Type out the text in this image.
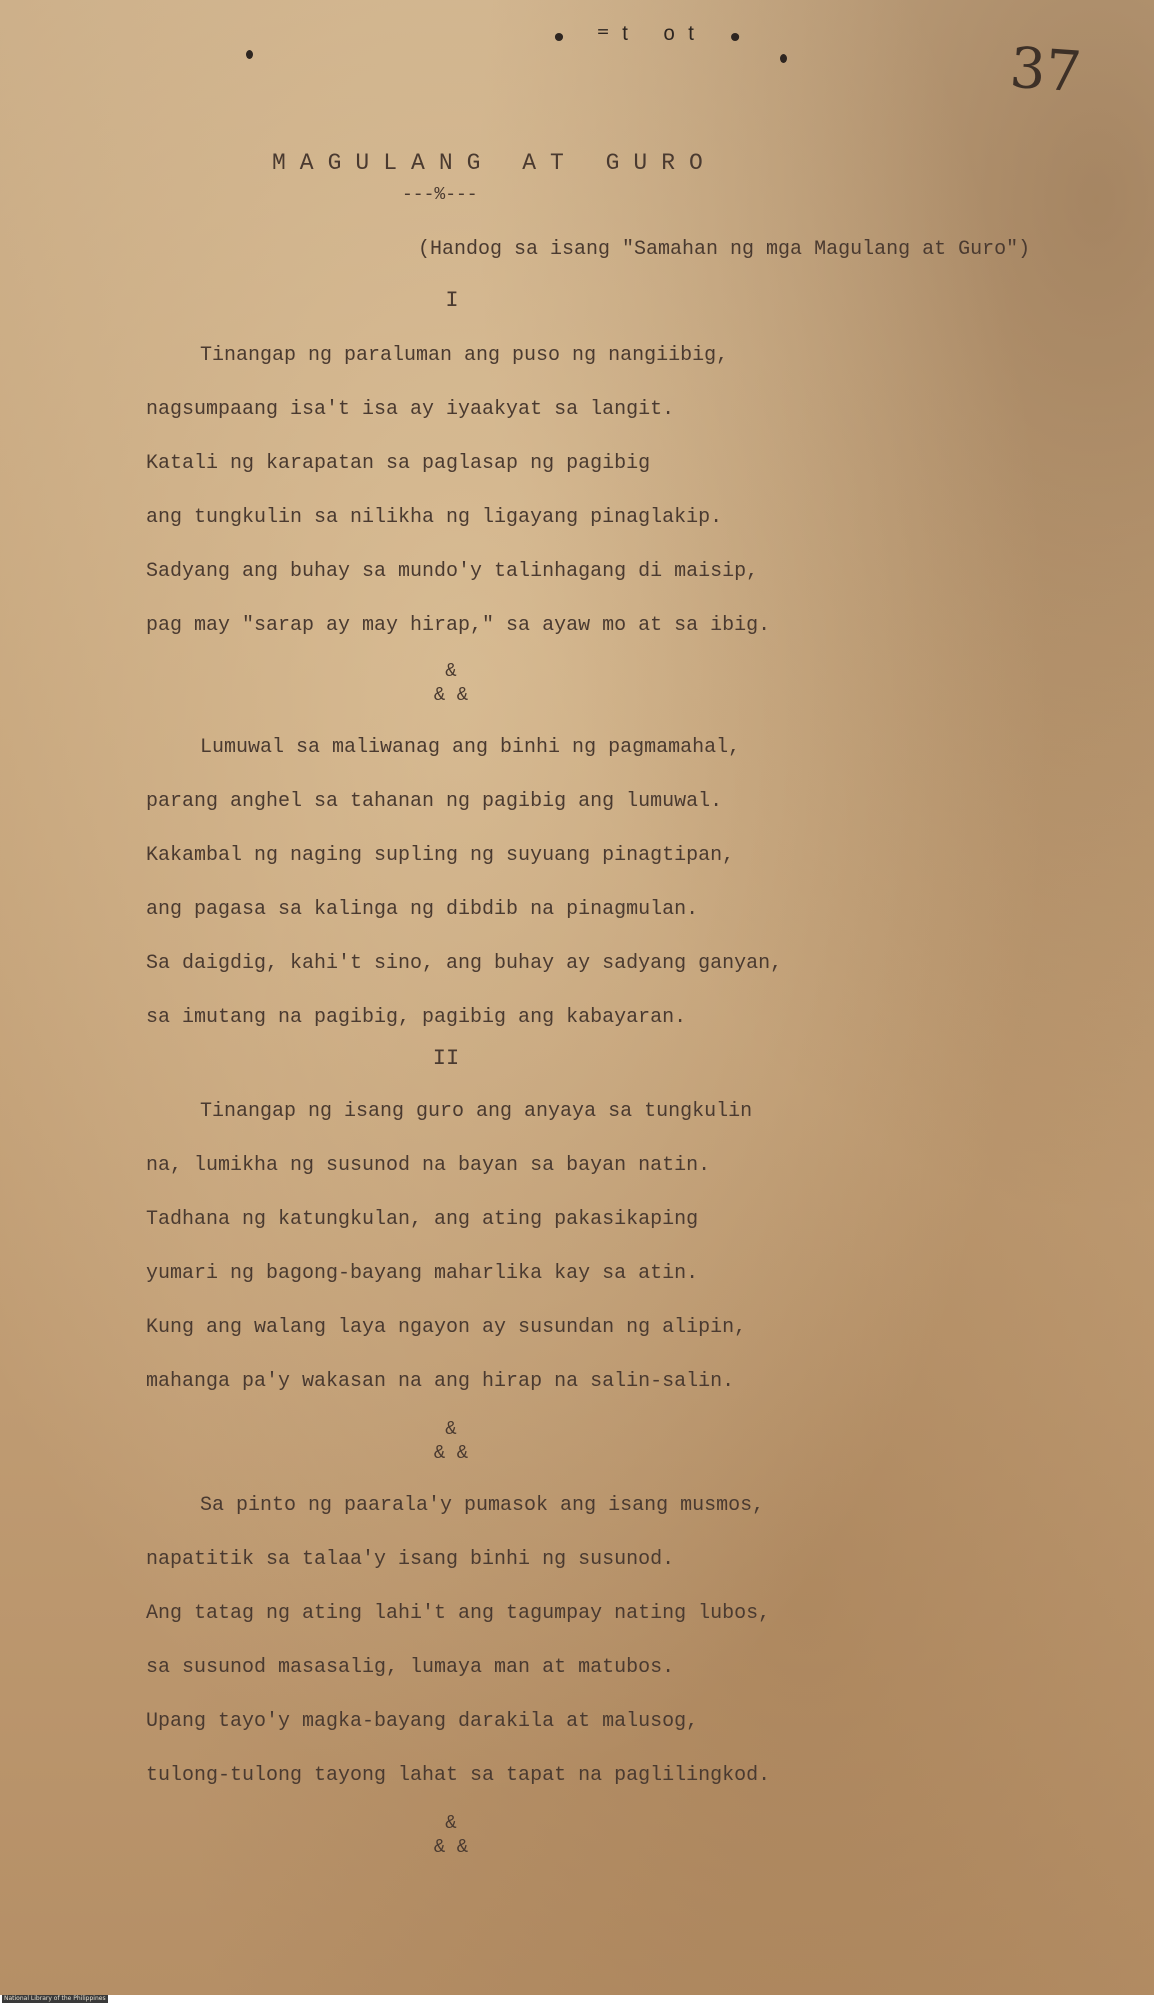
• ⁼ᵗ ᵒᵗ •	37
MAGULANG AT GURO
---%---
(Handog sa isang "Samahan ng mga Magulang at Guro")
I
Tinangap ng paraluman ang puso ng nangiibig,
nagsumpaang isa't isa ay iyaakyat sa langit.
Katali ng karapatan sa paglasap ng pagibig
ang tungkulin sa nilikha ng ligayang pinaglakip.
Sadyang ang buhay sa mundo'y talinhagang di maisip,
pag may "sarap ay may hirap," sa ayaw mo at sa ibig.
&
& &
Lumuwal sa maliwanag ang binhi ng pagmamahal,
parang anghel sa tahanan ng pagibig ang lumuwal.
Kakambal ng naging supling ng suyuang pinagtipan,
ang pagasa sa kalinga ng dibdib na pinagmulan.
Sa daigdig, kahi't sino, ang buhay ay sadyang ganyan,
sa imutang na pagibig, pagibig ang kabayaran.
II
Tinangap ng isang guro ang anyaya sa tungkulin
na, lumikha ng susunod na bayan sa bayan natin.
Tadhana ng katungkulan, ang ating pakasikaping
yumari ng bagong-bayang maharlika kay sa atin.
Kung ang walang laya ngayon ay susundan ng alipin,
mahanga pa'y wakasan na ang hirap na salin-salin.
&
& &
Sa pinto ng paarala'y pumasok ang isang musmos,
napatitik sa talaa'y isang binhi ng susunod.
Ang tatag ng ating lahi't ang tagumpay nating lubos,
sa susunod masasalig, lumaya man at matubos.
Upang tayo'y magka-bayang darakila at malusog,
tulong-tulong tayong lahat sa tapat na paglilingkod.
&
& &
National Library of the Philippines
